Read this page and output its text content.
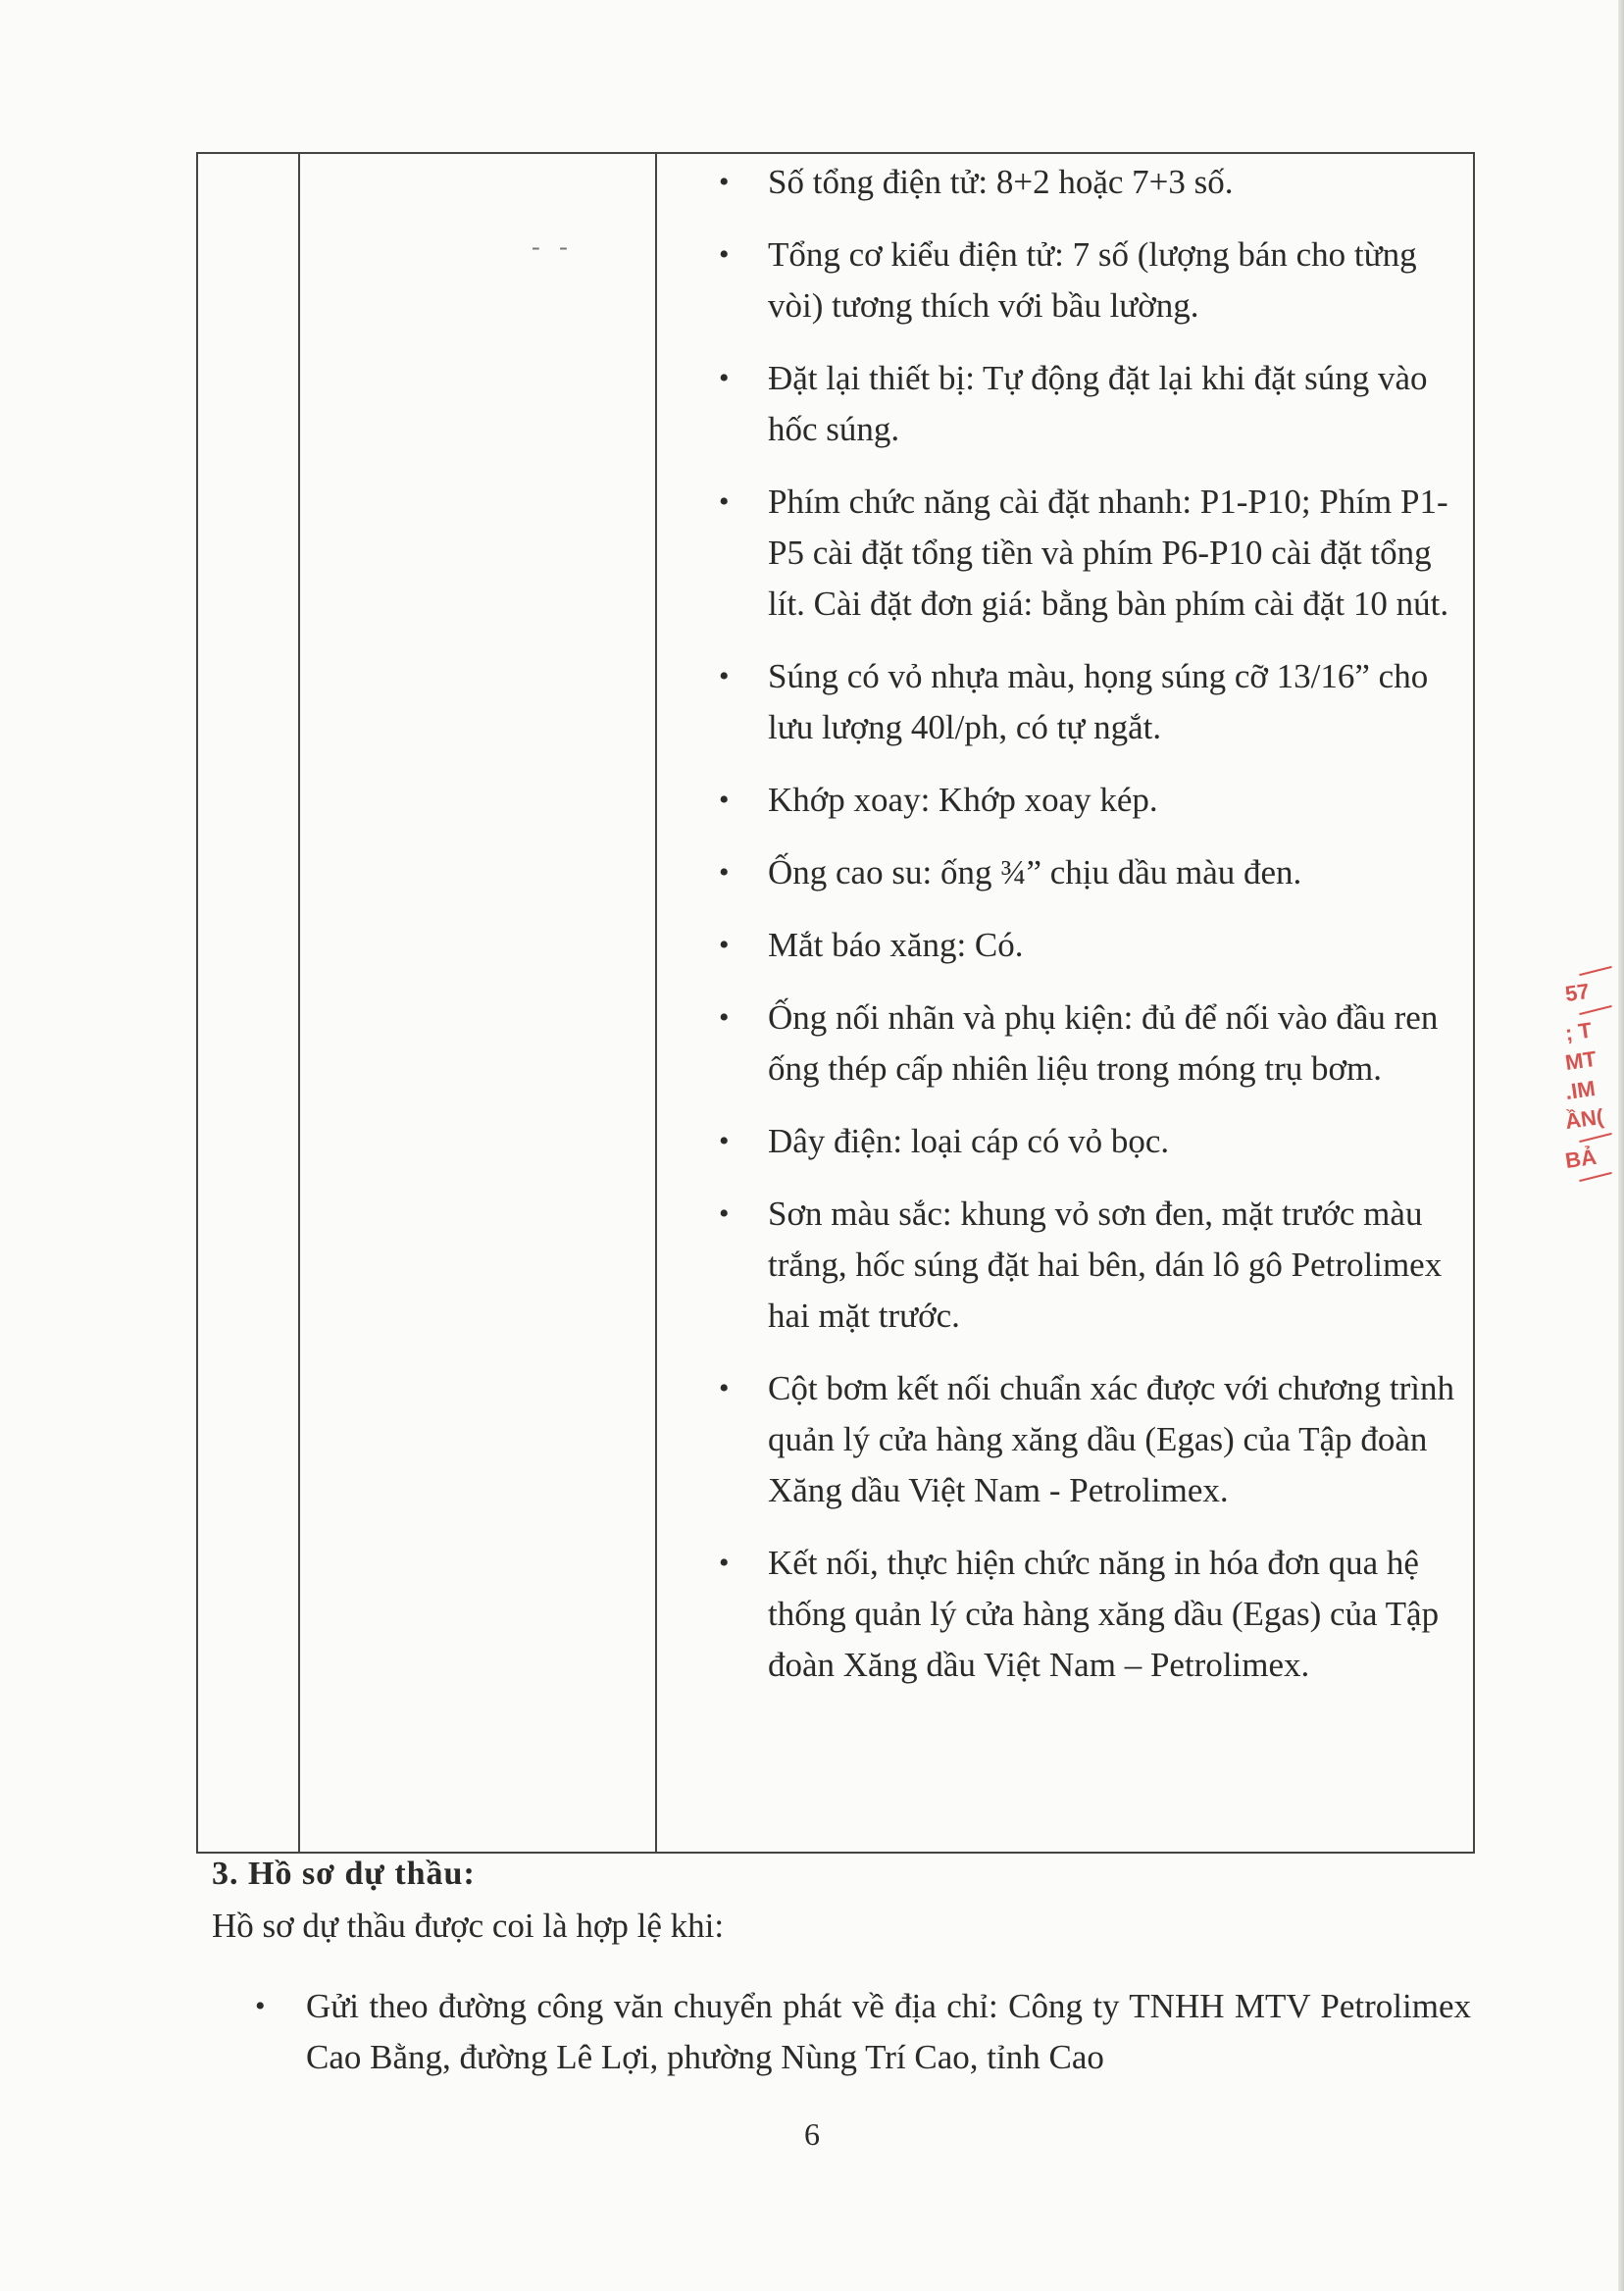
-   -
• Số tổng điện tử: 8+2 hoặc 7+3 số.
• Tổng cơ kiểu điện tử: 7 số (lượng bán cho từng vòi) tương thích với bầu lường.
• Đặt lại thiết bị: Tự động đặt lại khi đặt súng vào hốc súng.
• Phím chức năng cài đặt nhanh: P1-P10; Phím P1-P5 cài đặt tổng tiền và phím P6-P10 cài đặt tổng lít. Cài đặt đơn giá: bằng bàn phím cài đặt 10 nút.
• Súng có vỏ nhựa màu, họng súng cỡ 13/16” cho lưu lượng 40l/ph, có tự ngắt.
• Khớp xoay: Khớp xoay kép.
• Ống cao su: ống ¾” chịu dầu màu đen.
• Mắt báo xăng: Có.
• Ống nối nhãn và phụ kiện: đủ để nối vào đầu ren ống thép cấp nhiên liệu trong móng trụ bơm.
• Dây điện: loại cáp có vỏ bọc.
• Sơn màu sắc: khung vỏ sơn đen, mặt trước màu trắng, hốc súng đặt hai bên, dán lô gô Petrolimex hai mặt trước.
• Cột bơm kết nối chuẩn xác được với chương trình quản lý cửa hàng xăng dầu (Egas) của Tập đoàn Xăng dầu Việt Nam - Petrolimex.
• Kết nối, thực hiện chức năng in hóa đơn qua hệ thống quản lý cửa hàng xăng dầu (Egas) của Tập đoàn Xăng dầu Việt Nam – Petrolimex.
3. Hồ sơ dự thầu:

Hồ sơ dự thầu được coi là hợp lệ khi:

• Gửi theo đường công văn chuyển phát về địa chỉ: Công ty TNHH MTV Petrolimex Cao Bằng, đường Lê Lợi, phường Nùng Trí Cao, tỉnh Cao

6

57
; T
MT
.IM
ẦN(
BẢ
